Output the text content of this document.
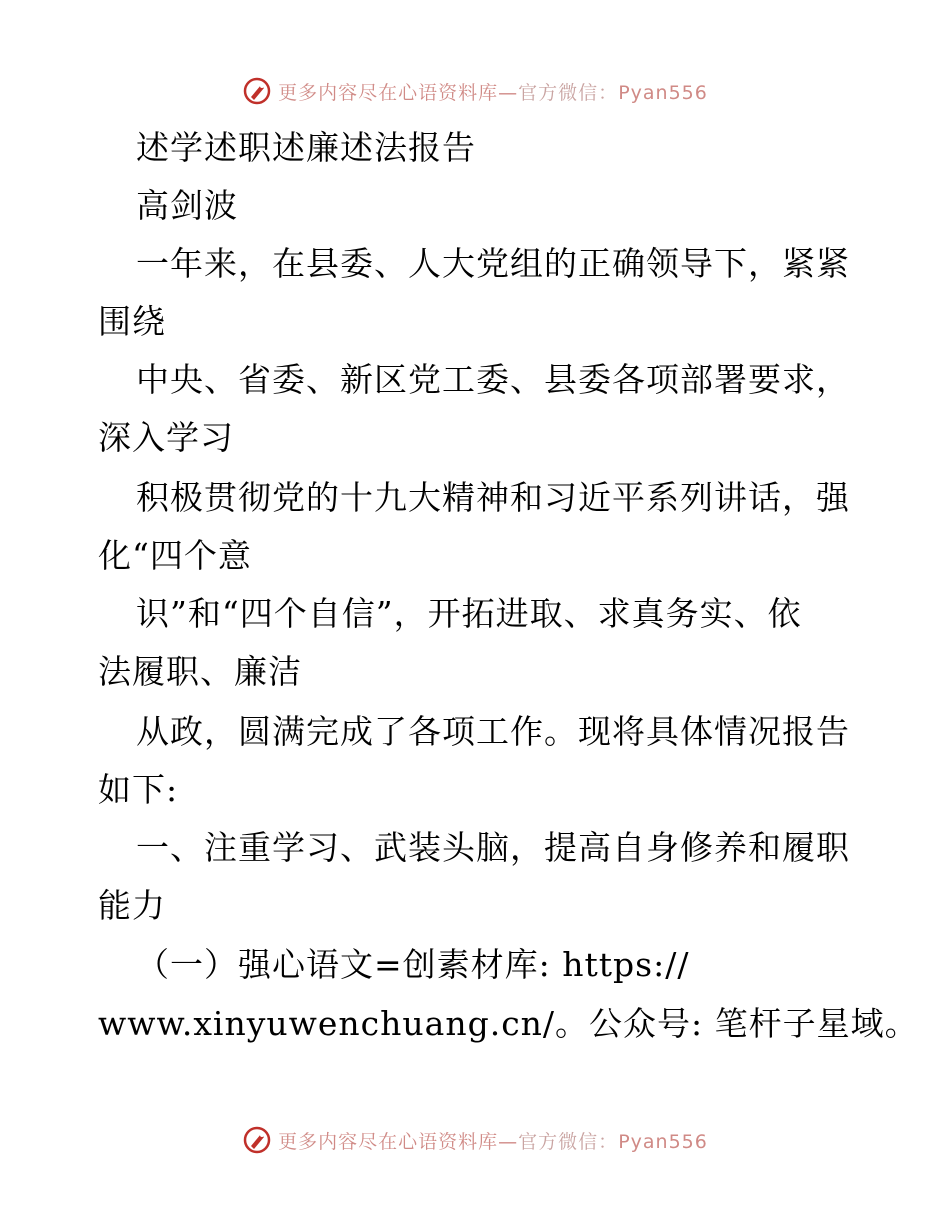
更多内容尽在心语资料库—官方微信：Pyan556
述学述职述廉述法报告
高剑波
一年来，在县委、人大党组的正确领导下，紧紧
围绕
中央、省委、新区党工委、县委各项部署要求，
深入学习
积极贯彻党的十九大精神和习近平系列讲话，强
化“四个意
识”和“四个自信”，开拓进取、求真务实、依
法履职、廉洁
从政，圆满完成了各项工作。现将具体情况报告
如下:
一、注重学习、武装头脑，提高自身修养和履职
能力
（一）强心语文=创素材库: https://
www.xinyuwenchuang.cn/。公众号: 笔杆子星域。
更多内容尽在心语资料库—官方微信：Pyan556
